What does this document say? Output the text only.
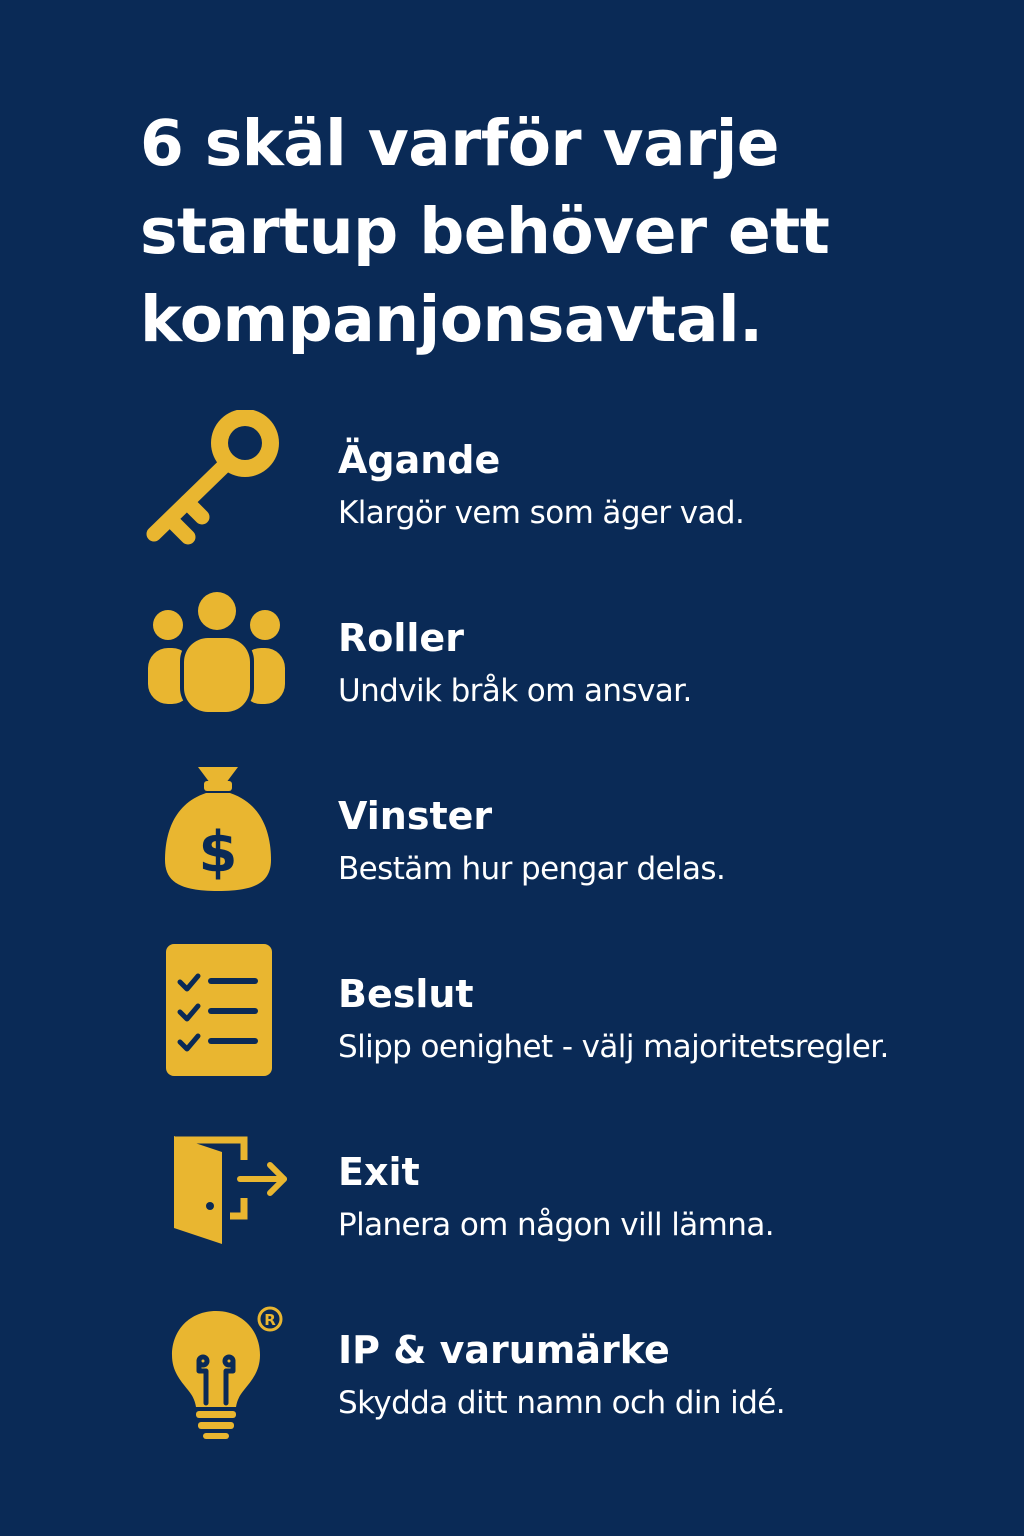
6 skäl varför varje
startup behöver ett
kompanjonsavtal.
Ägande
Klargör vem som äger vad.
Roller
Undvik bråk om ansvar.
$
Vinster
Bestäm hur pengar delas.
Beslut
Slipp oenighet - välj majoritetsregler.
Exit
Planera om någon vill lämna.
R
IP & varumärke
Skydda ditt namn och din idé.
